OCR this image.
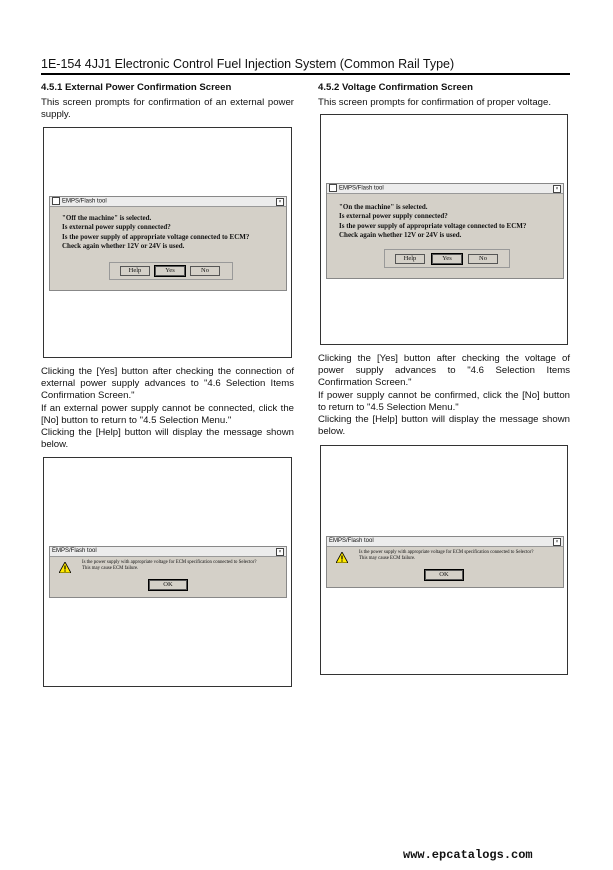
1E-154 4JJ1 Electronic Control Fuel Injection System (Common Rail Type)
4.5.1 External Power Confirmation Screen

This screen prompts for confirmation of an external power supply.

EMPS/Flash tool	×
"Off the machine" is selected.
Is external power supply connected?
Is the power supply of appropriate voltage connected to ECM?
Check again whether 12V or 24V is used.
Help	Yes	No

Clicking the [Yes] button after checking the connection of external power supply advances to "4.6 Selection Items Confirmation Screen."

If an external power supply cannot be connected, click the [No] button to return to "4.5 Selection Menu."

Clicking the [Help] button will display the message shown below.

EMPS/Flash tool	×
Is the power supply with appropriate voltage for ECM specification connected to Selector?
This may cause ECM failure.
OK
4.5.2 Voltage Confirmation Screen

This screen prompts for confirmation of proper voltage.

EMPS/Flash tool	×
"On the machine" is selected.
Is external power supply connected?
Is the power supply of appropriate voltage connected to ECM?
Check again whether 12V or 24V is used.
Help	Yes	No

Clicking the [Yes] button after checking the voltage of power supply advances to "4.6 Selection Items Confirmation Screen."

If power supply cannot be confirmed, click the [No] button to return to "4.5 Selection Menu."

Clicking the [Help] button will display the message shown below.

EMPS/Flash tool	×
Is the power supply with appropriate voltage for ECM specification connected to Selector?
This may cause ECM failure.
OK
www.epcatalogs.com
